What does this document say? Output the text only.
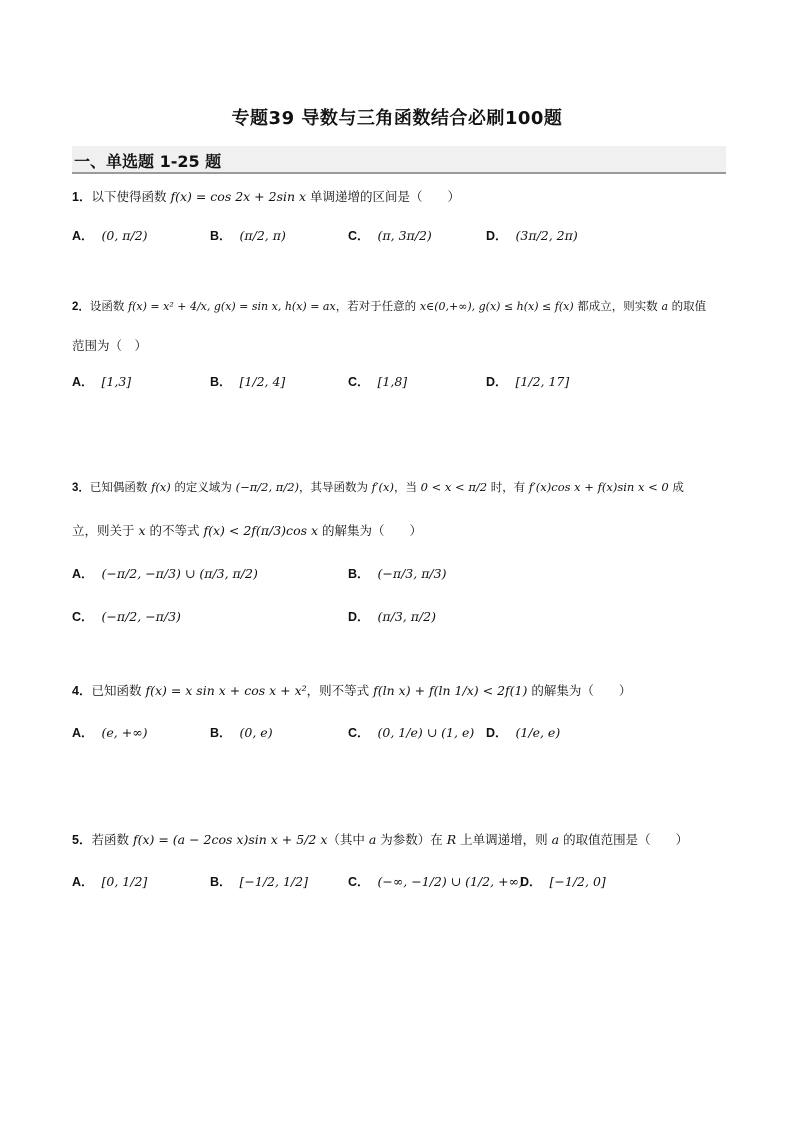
专题39 导数与三角函数结合必刷100题
一、单选题 1-25 题
1．以下使得函数 f(x) = cos 2x + 2sin x 单调递增的区间是（　　）
A． (0, π/2)	B． (π/2, π)	C． (π, 3π/2)	D． (3π/2, 2π)
2．设函数 f(x) = x² + 4/x, g(x) = sin x, h(x) = ax，若对于任意的 x∈(0,+∞), g(x) ≤ h(x) ≤ f(x) 都成立，则实数 a 的取值
范围为（　）
A． [1,3]	B． [1/2, 4]	C． [1,8]	D． [1/2, 17]
3．已知偶函数 f(x) 的定义域为 (−π/2, π/2)，其导函数为 f′(x)，当 0 < x < π/2 时，有 f′(x)cos x + f(x)sin x < 0 成
立，则关于 x 的不等式 f(x) < 2f(π/3)cos x 的解集为（　　）
A． (−π/2, −π/3) ∪ (π/3, π/2)	B． (−π/3, π/3)
C． (−π/2, −π/3)	D． (π/3, π/2)
4．已知函数 f(x) = x sin x + cos x + x²，则不等式 f(ln x) + f(ln 1/x) < 2f(1) 的解集为（　　）
A． (e, +∞)	B． (0, e)	C． (0, 1/e) ∪ (1, e) D． (1/e, e)
5．若函数 f(x) = (a − 2cos x)sin x + 5/2 x（其中 a 为参数）在 R 上单调递增，则 a 的取值范围是（　　）
A． [0, 1/2]	B． [−1/2, 1/2]	C． (−∞, −1/2) ∪ (1/2, +∞)
D． [−1/2, 0]
